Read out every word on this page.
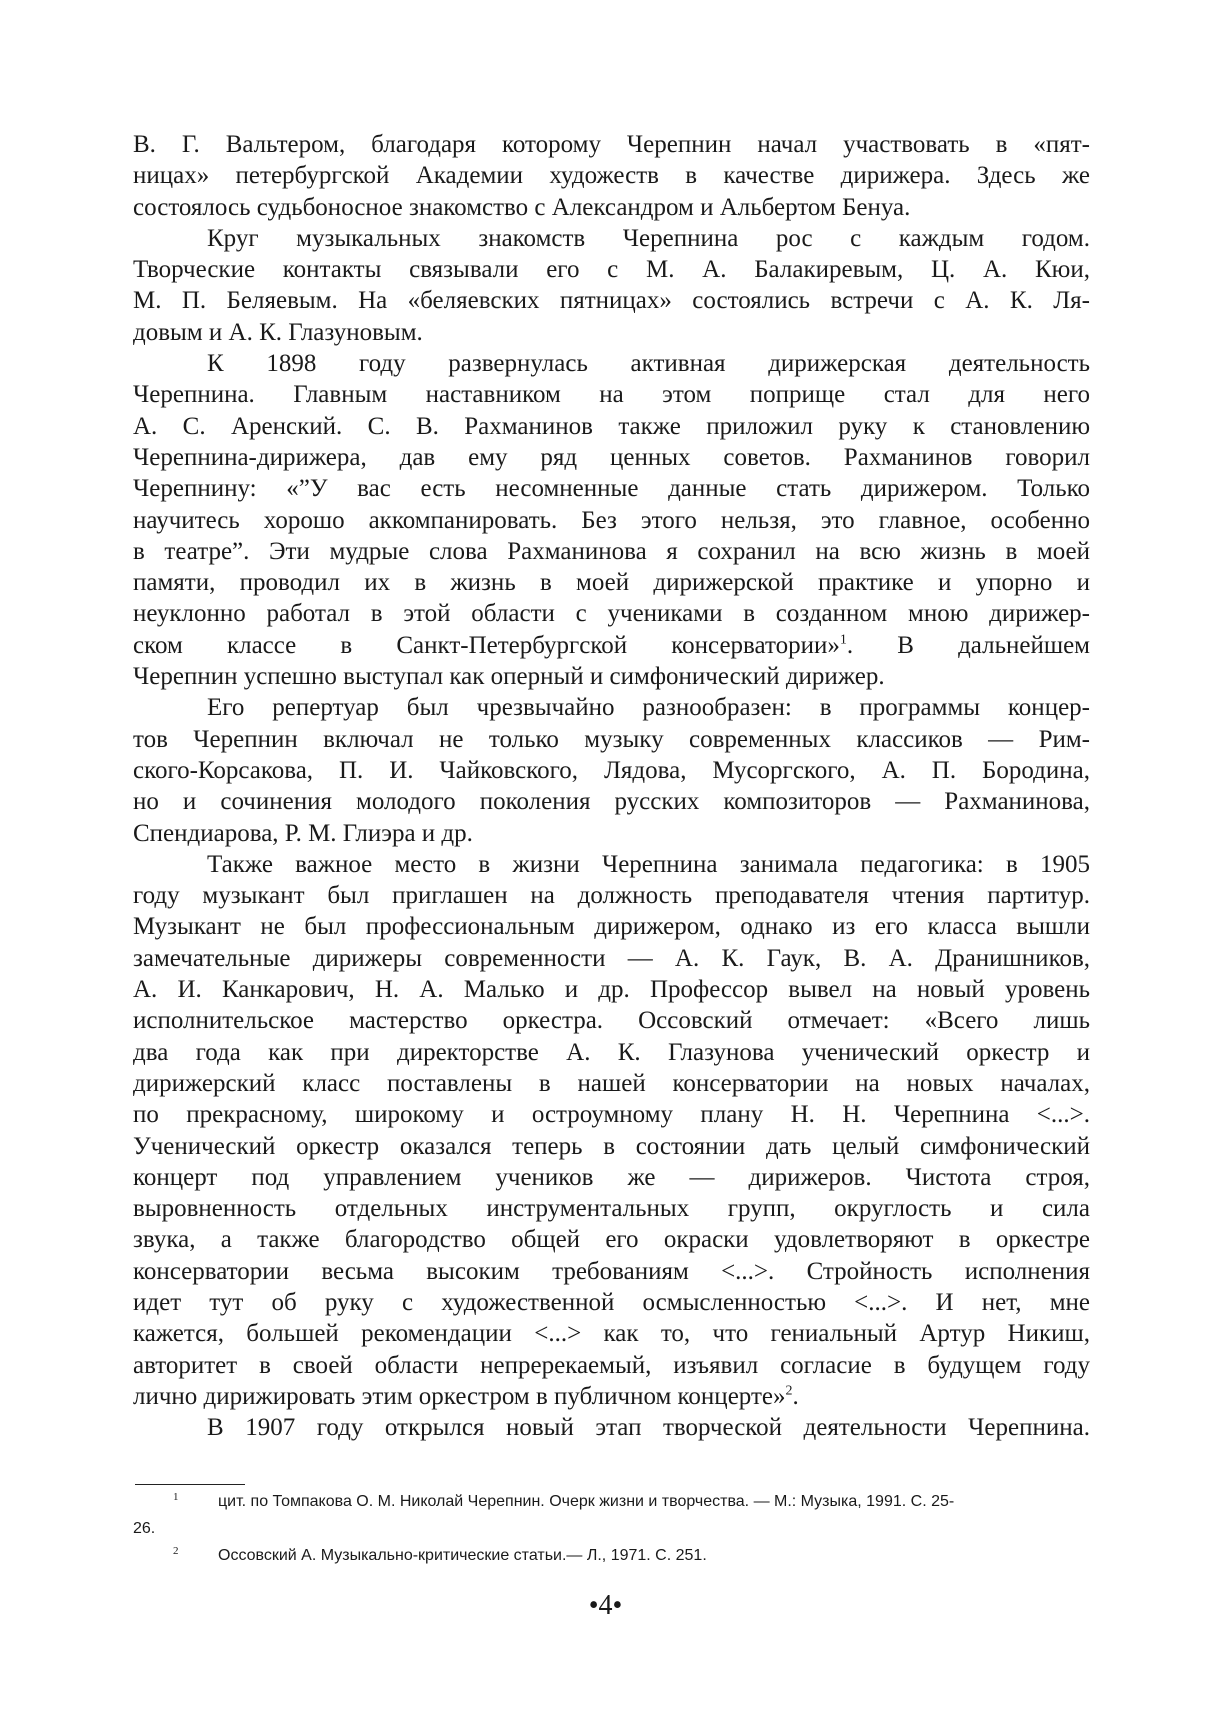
В. Г. Вальтером, благодаря которому Черепнин начал участвовать в «пят-
ницах» петербургской Академии художеств в качестве дирижера. Здесь же
состоялось судьбоносное знакомство с Александром и Альбертом Бенуа.
Круг музыкальных знакомств Черепнина рос с каждым годом.
Творческие контакты связывали его с М. А. Балакиревым, Ц. А. Кюи,
М. П. Беляевым. На «беляевских пятницах» состоялись встречи с А. К. Ля-
довым и А. К. Глазуновым.
К 1898 году развернулась активная дирижерская деятельность
Черепнина. Главным наставником на этом поприще стал для него
А. С. Аренский. С. В. Рахманинов также приложил руку к становлению
Черепнина-дирижера, дав ему ряд ценных советов. Рахманинов говорил
Черепнину: «”У вас есть несомненные данные стать дирижером. Только
научитесь хорошо аккомпанировать. Без этого нельзя, это главное, особенно
в театре”. Эти мудрые слова Рахманинова я сохранил на всю жизнь в моей
памяти, проводил их в жизнь в моей дирижерской практике и упорно и
неуклонно работал в этой области с учениками в созданном мною дирижер-
ском классе в Санкт-Петербургской консерватории»$^1$. В дальнейшем
Черепнин успешно выступал как оперный и симфонический дирижер.
Его репертуар был чрезвычайно разнообразен: в программы концер-
тов Черепнин включал не только музыку современных классиков — Рим-
ского-Корсакова, П. И. Чайковского, Лядова, Мусоргского, А. П. Бородина,
но и сочинения молодого поколения русских композиторов — Рахманинова,
Спендиарова, Р. М. Глиэра и др.
Также важное место в жизни Черепнина занимала педагогика: в 1905
году музыкант был приглашен на должность преподавателя чтения партитур.
Музыкант не был профессиональным дирижером, однако из его класса вышли
замечательные дирижеры современности — А. К. Гаук, В. А. Дранишников,
А. И. Канкарович, Н. А. Малько и др. Профессор вывел на новый уровень
исполнительское мастерство оркестра. Оссовский отмечает: «Всего лишь
два года как при директорстве А. К. Глазунова ученический оркестр и
дирижерский класс поставлены в нашей консерватории на новых началах,
по прекрасному, широкому и остроумному плану Н. Н. Черепнина <...>.
Ученический оркестр оказался теперь в состоянии дать целый симфонический
концерт под управлением учеников же — дирижеров. Чистота строя,
выровненность отдельных инструментальных групп, округлость и сила
звука, а также благородство общей его окраски удовлетворяют в оркестре
консерватории весьма высоким требованиям <...>. Стройность исполнения
идет тут об руку с художественной осмысленностью <...>. И нет, мне
кажется, большей рекомендации <...> как то, что гениальный Артур Никиш,
авторитет в своей области непререкаемый, изъявил согласие в будущем году
лично дирижировать этим оркестром в публичном концерте»$^2$.
В 1907 году открылся новый этап творческой деятельности Черепнина.
1 цит. по Томпакова О. М. Николай Черепнин. Очерк жизни и творчества. — М.: Музыка, 1991. С. 25-
26.
2 Оссовский А. Музыкально-критические статьи.— Л., 1971. С. 251.
•4•
